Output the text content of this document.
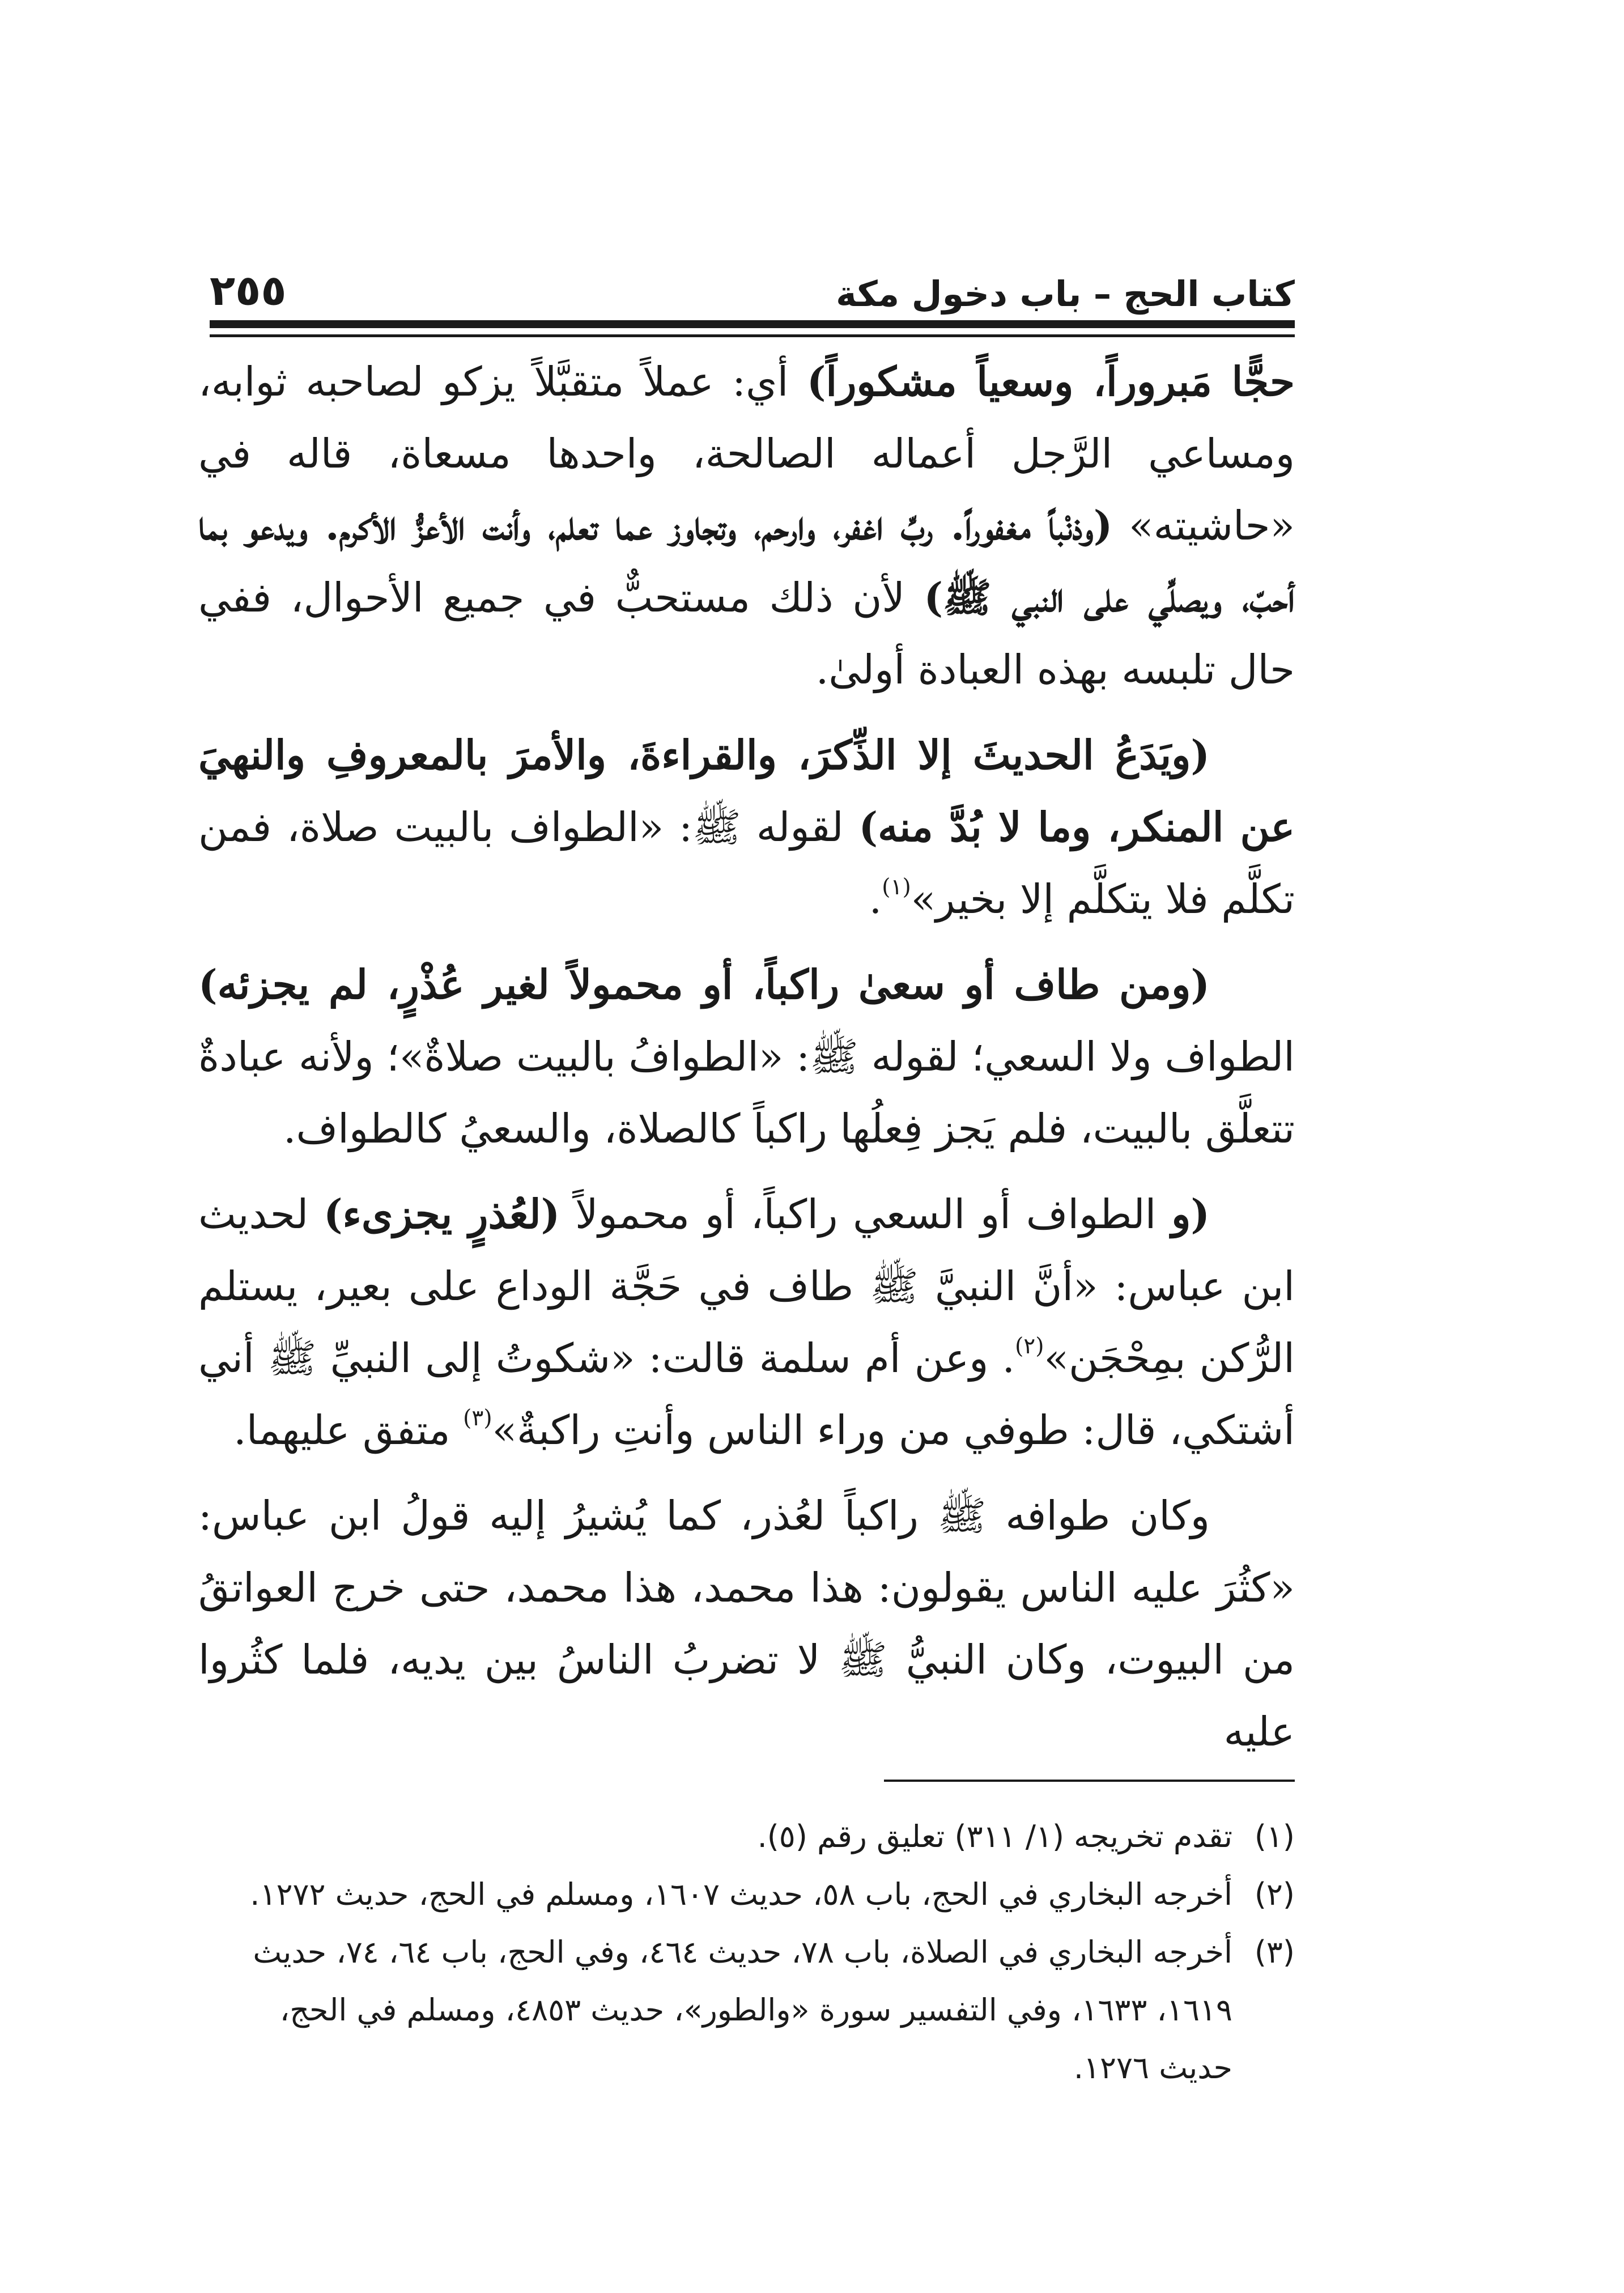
كتاب الحج – باب دخول مكة
٢٥٥

حجًّا مَبروراً، وسعياً مشكوراً) أي: عملاً متقبَّلاً يزكو لصاحبه ثوابه، ومساعي الرَّجل أعماله الصالحة، واحدها مسعاة، قاله في «حاشيته» (وذنْباً مغفوراً. ربِّ اغفر، وارحم، وتجاوز عما تعلم، وأنت الأعزُّ الأكرم. ويدعو بما أحبّ، ويصلِّي على النبي ﷺ) لأن ذلك مستحبٌّ في جميع الأحوال، ففي حال تلبسه بهذه العبادة أولىٰ.

(ويَدَعُ الحديثَ إلا الذِّكرَ، والقراءةَ، والأمرَ بالمعروفِ والنهيَ عن المنكر، وما لا بُدَّ منه) لقوله ﷺ: «الطواف بالبيت صلاة، فمن تكلَّم فلا يتكلَّم إلا بخير»$^{(١)}$.

(ومن طاف أو سعىٰ راكباً، أو محمولاً لغير عُذْرٍ، لم يجزئه) الطواف ولا السعي؛ لقوله ﷺ: «الطوافُ بالبيت صلاةٌ»؛ ولأنه عبادةٌ تتعلَّق بالبيت، فلم يَجز فِعلُها راكباً كالصلاة، والسعيُ كالطواف.

(و الطواف أو السعي راكباً، أو محمولاً (لعُذرٍ يجزىء) لحديث ابن عباس: «أنَّ النبيَّ ﷺ طاف في حَجَّة الوداع على بعير، يستلم الرُّكن بمِحْجَن»$^{(٢)}$. وعن أم سلمة قالت: «شكوتُ إلى النبيِّ ﷺ أني أشتكي، قال: طوفي من وراء الناس وأنتِ راكبةٌ»$^{(٣)}$ متفق عليهما.

وكان طوافه ﷺ راكباً لعُذر، كما يُشيرُ إليه قولُ ابن عباس: «كثُرَ عليه الناس يقولون: هذا محمد، هذا محمد، حتى خرج العواتقُ من البيوت، وكان النبيُّ ﷺ لا تضربُ الناسُ بين يديه، فلما كثُروا عليه

(١)
تقدم تخريجه (١/ ٣١١) تعليق رقم (٥).
(٢)
أخرجه البخاري في الحج، باب ٥٨، حديث ١٦٠٧، ومسلم في الحج، حديث ١٢٧٢.
(٣)
أخرجه البخاري في الصلاة، باب ٧٨، حديث ٤٦٤، وفي الحج، باب ٦٤، ٧٤، حديث ١٦١٩، ١٦٣٣، وفي التفسير سورة «والطور»، حديث ٤٨٥٣، ومسلم في الحج، حديث ١٢٧٦.
